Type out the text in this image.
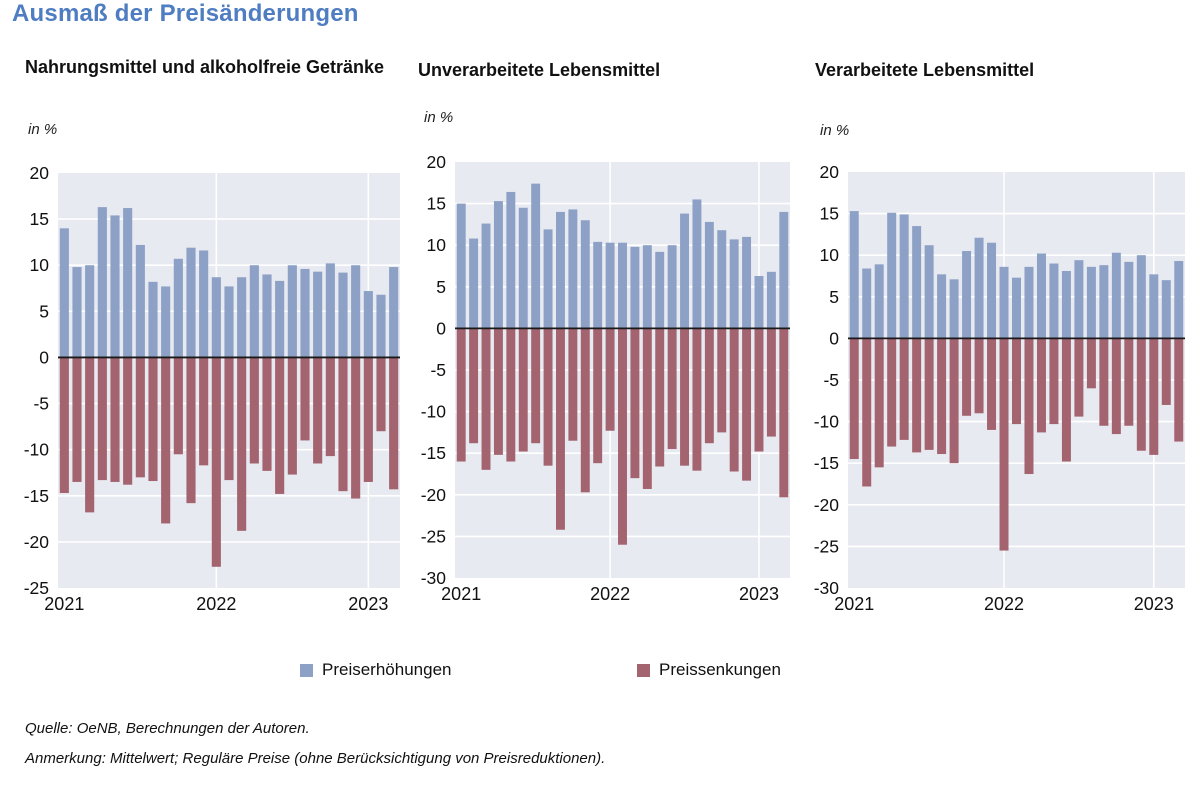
Ausmaß der Preisänderungen
Nahrungsmittel und alkoholfreie Getränke	Unverarbeitete Lebensmittel	Verarbeitete Lebensmittel
in %
in %
in %
-25
-20
-15
-10
-5
0
5
10
15
20
2021	2022	2023
-30
-25
-20
-15
-10
-5
0
5
10
15
20
2021	2022	2023 -30
-25
-20
-15
-10
-5
0
5
10
15
20
2021	2022	2023
Preiserhöhungen	Preissenkungen
Quelle: OeNB, Berechnungen der Autoren.
Anmerkung: Mittelwert; Reguläre Preise (ohne Berücksichtigung von Preisreduktionen).
